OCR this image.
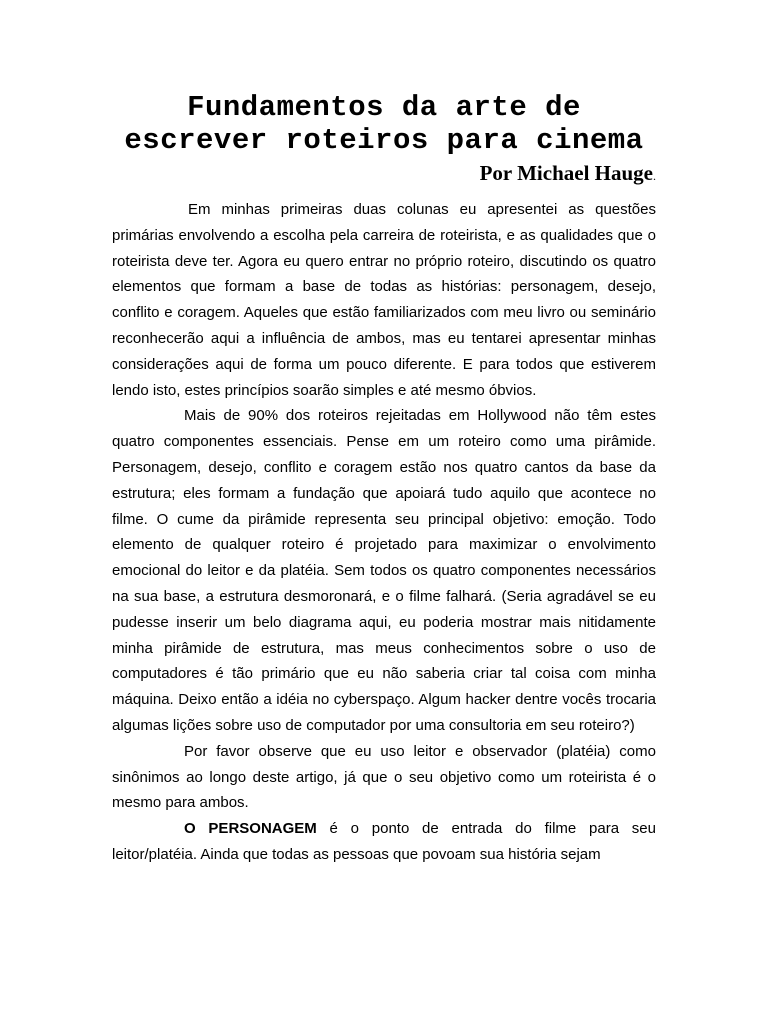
Fundamentos da arte de
escrever roteiros para cinema
Por Michael Hauge.

Em minhas primeiras duas colunas eu apresentei as questões primárias envolvendo a escolha pela carreira de roteirista, e as qualidades que o roteirista deve ter. Agora eu quero entrar no próprio roteiro, discutindo os quatro elementos que formam a base de todas as histórias: personagem, desejo, conflito e coragem. Aqueles que estão familiarizados com meu livro ou seminário reconhecerão aqui a influência de ambos, mas eu tentarei apresentar minhas considerações aqui de forma um pouco diferente. E para todos que estiverem lendo isto, estes princípios soarão simples e até mesmo óbvios.

Mais de 90% dos roteiros rejeitadas em Hollywood não têm estes quatro componentes essenciais. Pense em um roteiro como uma pirâmide. Personagem, desejo, conflito e coragem estão nos quatro cantos da base da estrutura; eles formam a fundação que apoiará tudo aquilo que acontece no filme. O cume da pirâmide representa seu principal objetivo: emoção. Todo elemento de qualquer roteiro é projetado para maximizar o envolvimento emocional do leitor e da platéia. Sem todos os quatro componentes necessários na sua base, a estrutura desmoronará, e o filme falhará. (Seria agradável se eu pudesse inserir um belo diagrama aqui, eu poderia mostrar mais nitidamente minha pirâmide de estrutura, mas meus conhecimentos sobre o uso de computadores é tão primário que eu não saberia criar tal coisa com minha máquina. Deixo então a idéia no cyberspaço. Algum hacker dentre vocês trocaria algumas lições sobre uso de computador por uma consultoria em seu roteiro?)

Por favor observe que eu uso leitor e observador (platéia) como sinônimos ao longo deste artigo, já que o seu objetivo como um roteirista é o mesmo para ambos.

O PERSONAGEM é o ponto de entrada do filme para seu leitor/platéia. Ainda que todas as pessoas que povoam sua história sejam
